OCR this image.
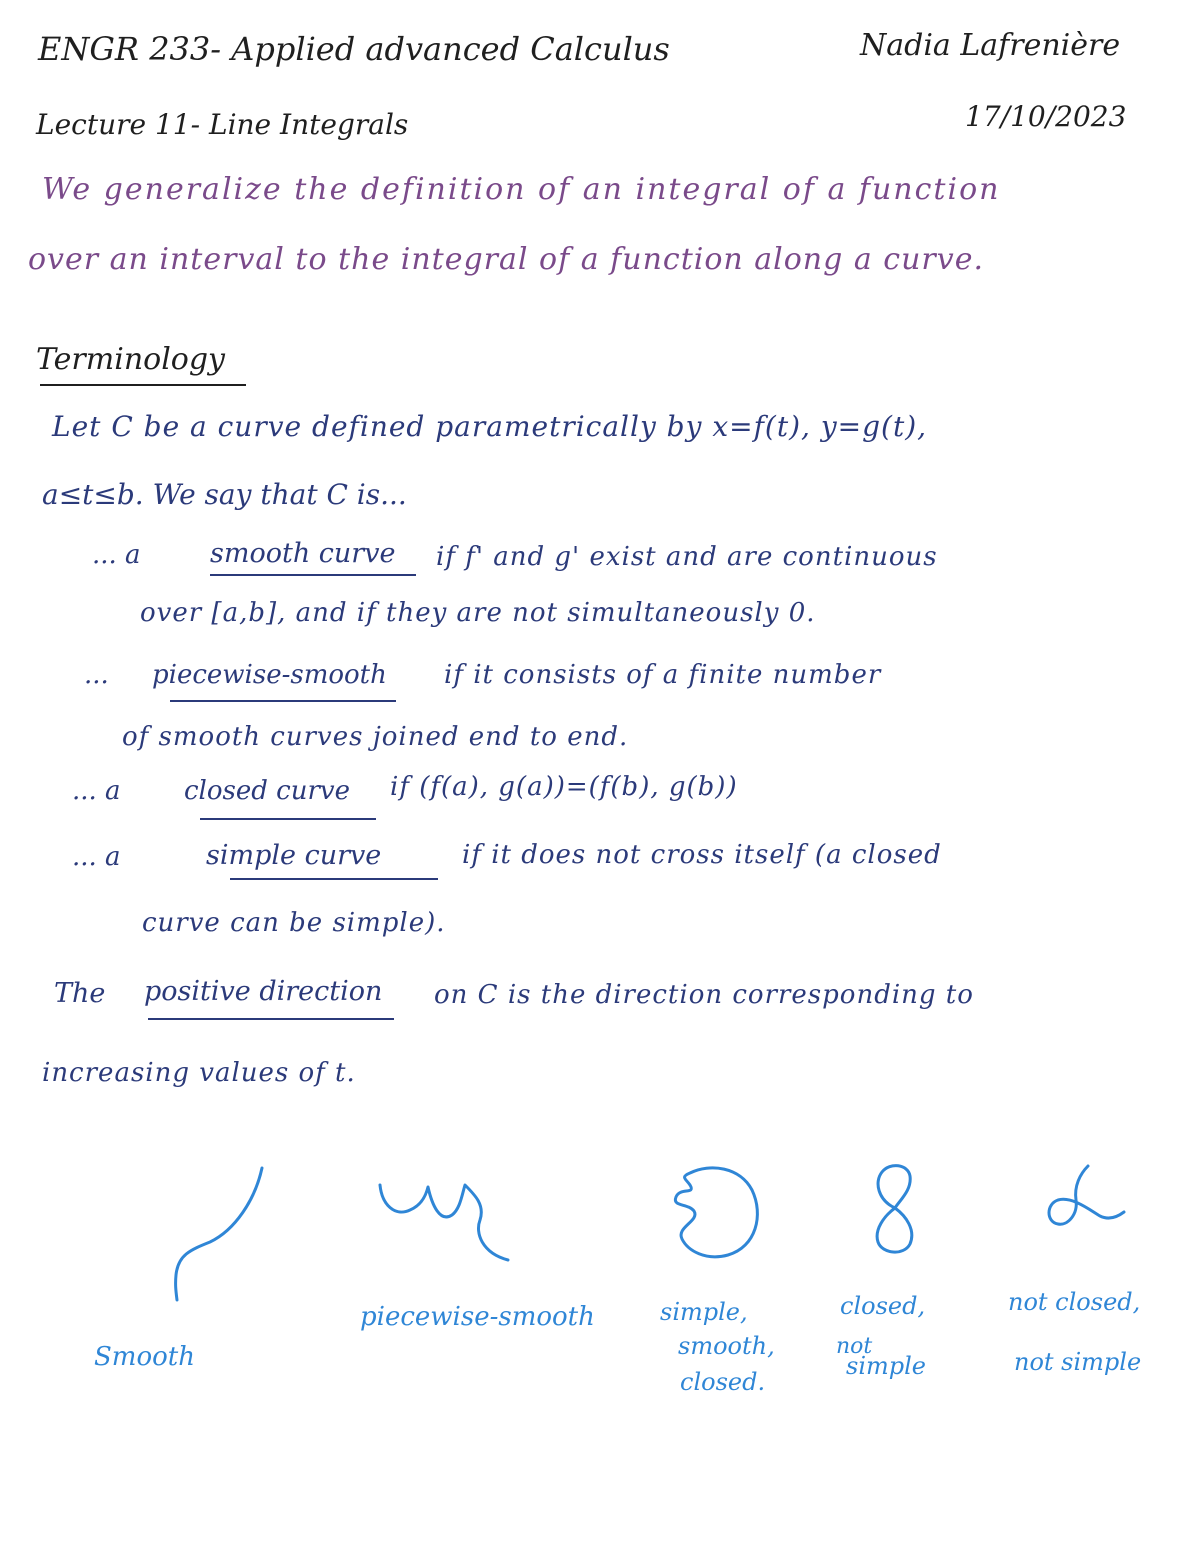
ENGR 233- Applied advanced Calculus	Nadia Lafrenière
Lecture 11- Line Integrals	17/10/2023
We generalize the definition of an integral of a function
over an interval to the integral of a function along a curve.
Terminology
Let C be a curve defined parametrically by x=f(t), y=g(t),
a≤t≤b. We say that C is...
... a	smooth curve if f' and g' exist and are continuous
over [a,b], and if they are not simultaneously 0.
... piecewise-smooth if it consists of a finite number
of smooth curves joined end to end.
... a closed curve if (f(a), g(a))=(f(b), g(b))
... a	simple curve	if it does not cross itself (a closed
curve can be simple).
The positive direction on C is the direction corresponding to
increasing values of t.
Smooth
piecewise-smooth	simple,
smooth,
closed.
closed,
not
simple
not closed,
not simple
